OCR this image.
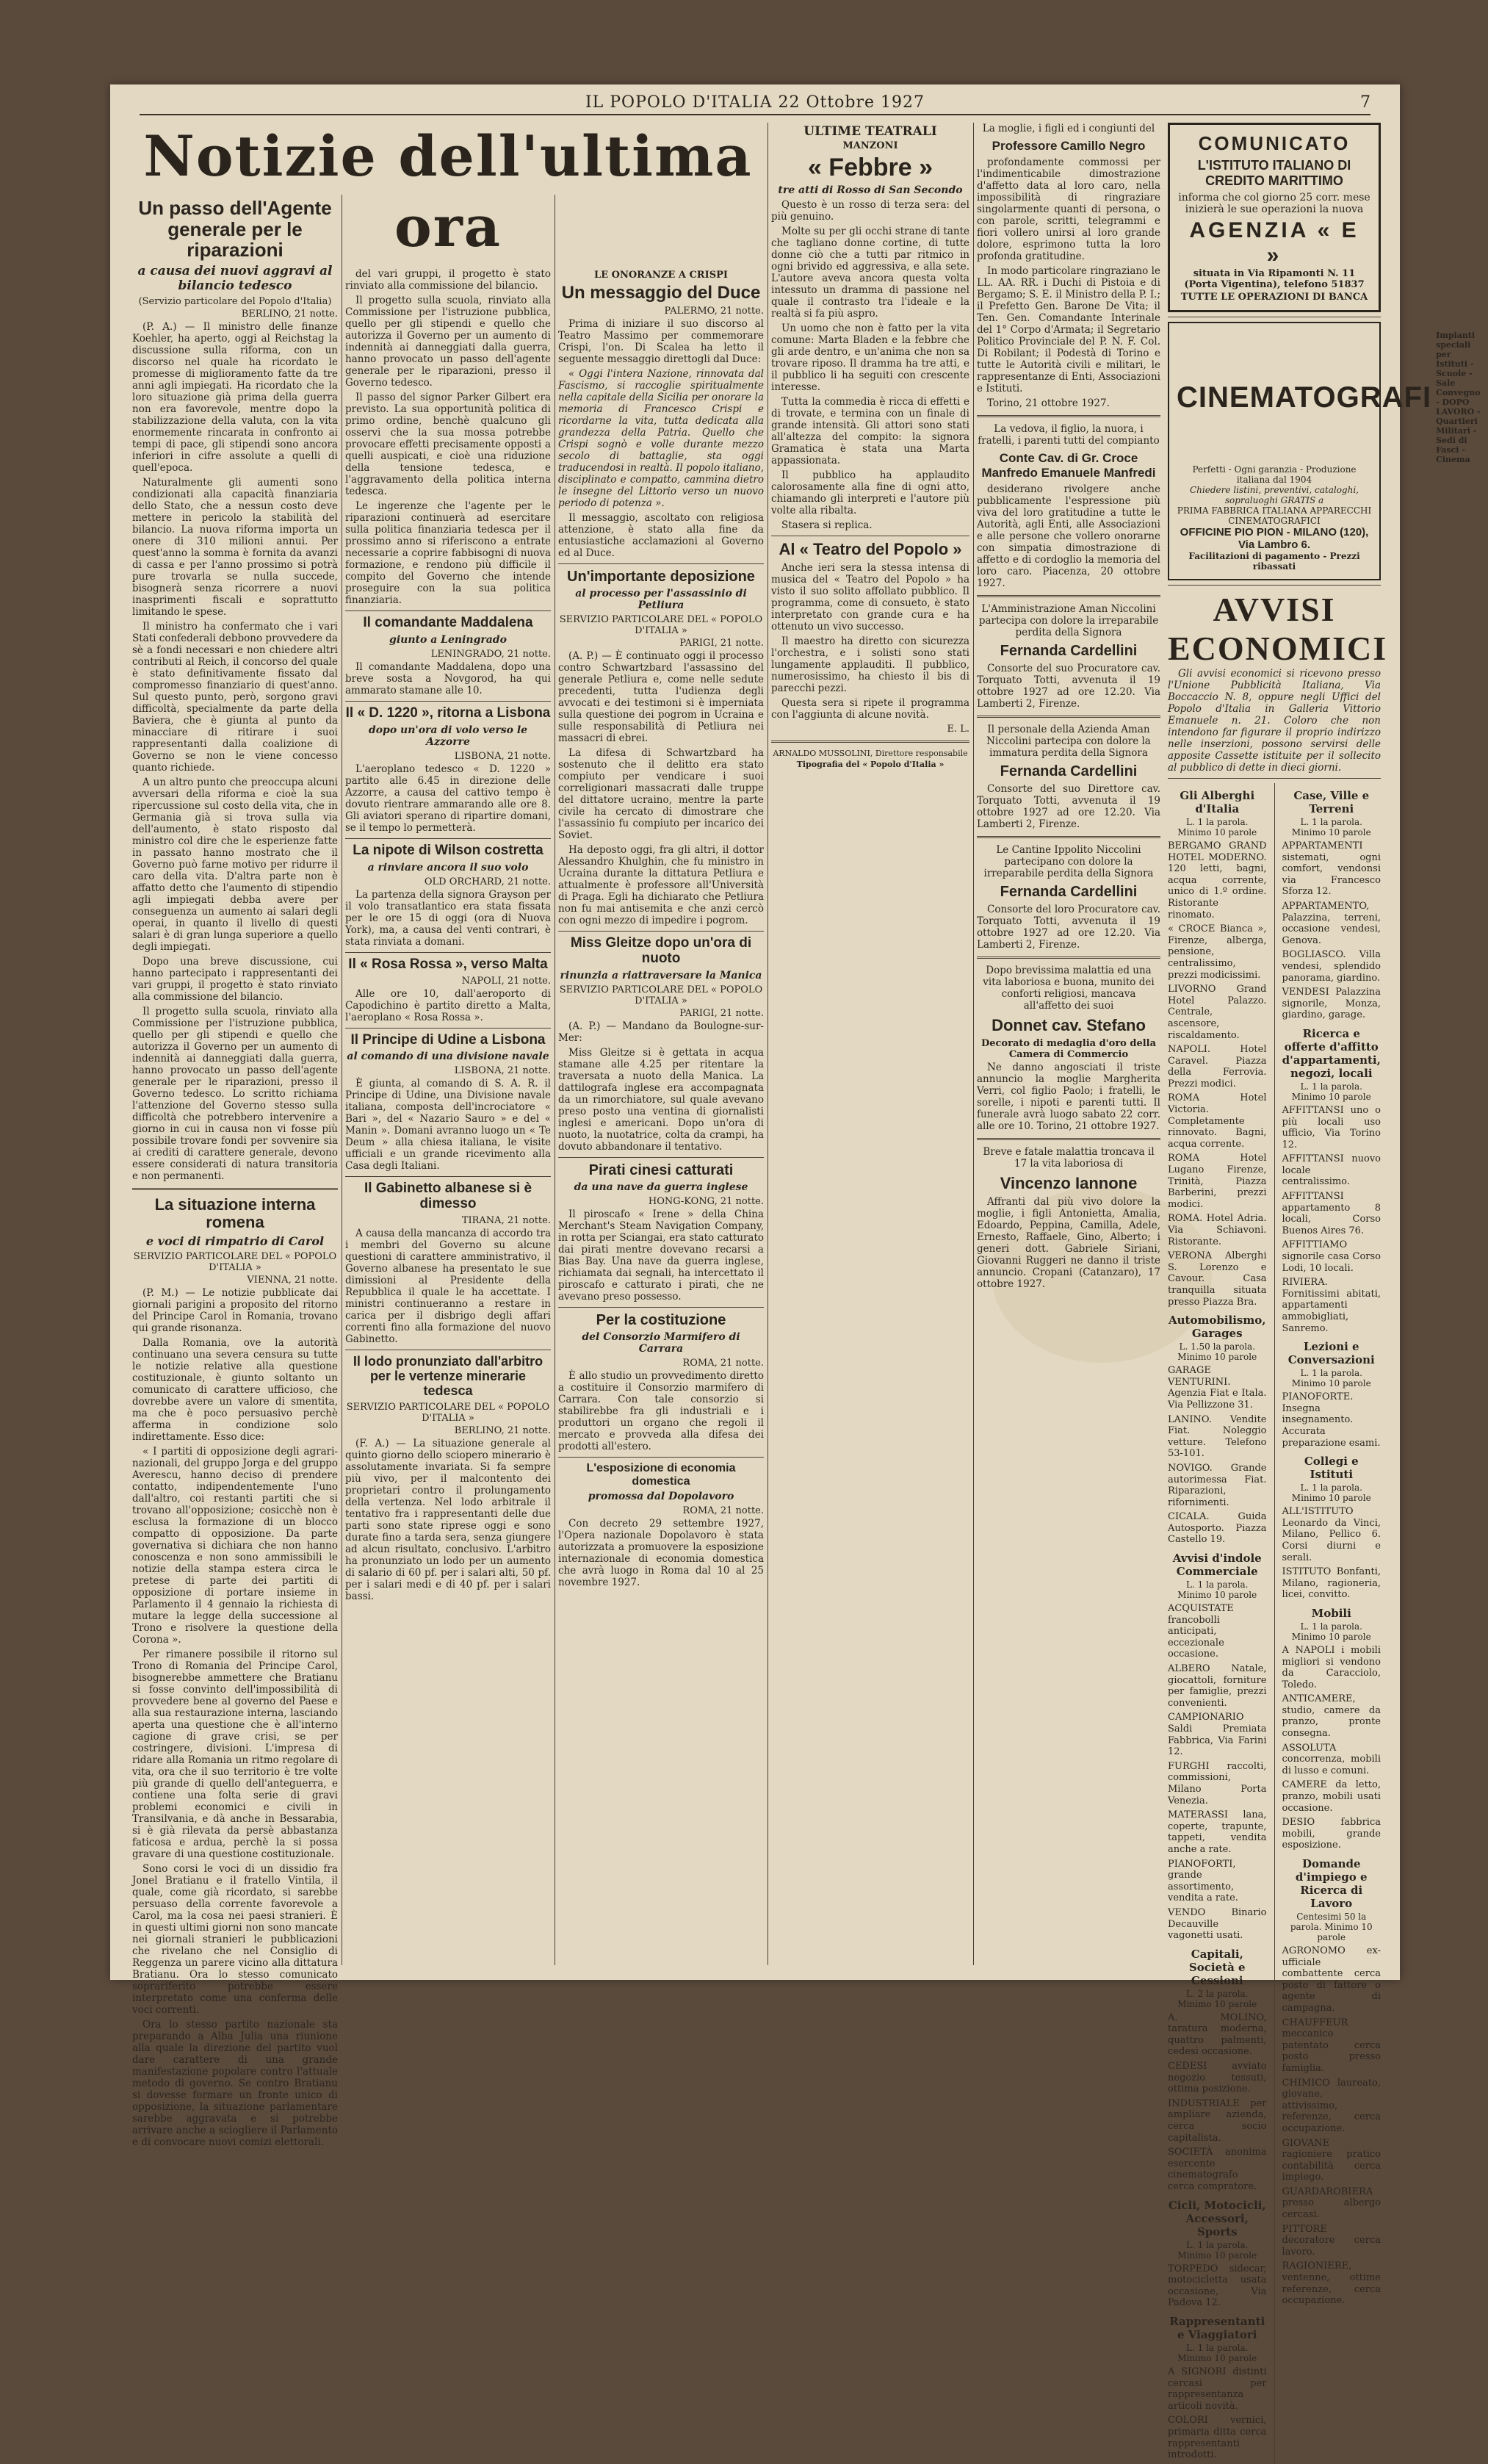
IL POPOLO D'ITALIA 22 Ottobre 1927	7
Notizie dell'ultima ora
Un passo dell'Agente generale per le riparazioni
a causa dei nuovi aggravi al bilancio tedesco
(Servizio particolare del Popolo d'Italia)
BERLINO, 21 notte.

(P. A.) — Il ministro delle finanze Koehler, ha aperto, oggi al Reichstag la discussione sulla riforma, con un discorso nel quale ha ricordato le promesse di miglioramento fatte da tre anni agli impiegati. Ha ricordato che la loro situazione già prima della guerra non era favorevole, mentre dopo la stabilizzazione della valuta, con la vita enormemente rincarata in confronto ai tempi di pace, gli stipendi sono ancora inferiori in cifre assolute a quelli di quell'epoca.

Naturalmente gli aumenti sono condizionati alla capacità finanziaria dello Stato, che a nessun costo deve mettere in pericolo la stabilità del bilancio. La nuova riforma importa un onere di 310 milioni annui. Per quest'anno la somma è fornita da avanzi di cassa e per l'anno prossimo si potrà pure trovarla se nulla succede, bisognerà senza ricorrere a nuovi inasprimenti fiscali e soprattutto limitando le spese.

Il ministro ha confermato che i vari Stati confederali debbono provvedere da sè a fondi necessari e non chiedere altri contributi al Reich, il concorso del quale è stato definitivamente fissato dal compromesso finanziario di quest'anno. Sul questo punto, però, sorgono gravi difficoltà, specialmente da parte della Baviera, che è giunta al punto da minacciare di ritirare i suoi rappresentanti dalla coalizione di Governo se non le viene concesso quanto richiede.

A un altro punto che preoccupa alcuni avversari della riforma e cioè la sua ripercussione sul costo della vita, che in Germania già si trova sulla via dell'aumento, è stato risposto dal ministro col dire che le esperienze fatte in passato hanno mostrato che il Governo può farne motivo per ridurre il caro della vita. D'altra parte non è affatto detto che l'aumento di stipendio agli impiegati debba avere per conseguenza un aumento ai salari degli operai, in quanto il livello di questi salari è di gran lunga superiore a quello degli impiegati.

Dopo una breve discussione, cui hanno partecipato i rappresentanti dei vari gruppi, il progetto è stato rinviato alla commissione del bilancio.

Il progetto sulla scuola, rinviato alla Commissione per l'istruzione pubblica, quello per gli stipendi e quello che autorizza il Governo per un aumento di indennità ai danneggiati dalla guerra, hanno provocato un passo dell'agente generale per le riparazioni, presso il Governo tedesco. Lo scritto richiama l'attenzione del Governo stesso sulla difficoltà che potrebbero intervenire a giorno in cui in causa non vi fosse più possibile trovare fondi per sovvenire sia ai crediti di carattere generale, devono essere considerati di natura transitoria e non permanenti.

La situazione interna romena
e voci di rimpatrio di Carol
SERVIZIO PARTICOLARE DEL « POPOLO D'ITALIA »
VIENNA, 21 notte.

(P. M.) — Le notizie pubblicate dai giornali parigini a proposito del ritorno del Principe Carol in Romania, trovano qui grande risonanza.

Dalla Romania, ove la autorità continuano una severa censura su tutte le notizie relative alla questione costituzionale, è giunto soltanto un comunicato di carattere ufficioso, che dovrebbe avere un valore di smentita, ma che è poco persuasivo perchè afferma in condizione solo indirettamente. Esso dice:

« I partiti di opposizione degli agrari-nazionali, del gruppo Jorga e del gruppo Averescu, hanno deciso di prendere contatto, indipendentemente l'uno dall'altro, coi restanti partiti che si trovano all'opposizione; cosicchè non è esclusa la formazione di un blocco compatto di opposizione. Da parte governativa si dichiara che non hanno conoscenza e non sono ammissibili le notizie della stampa estera circa le pretese di parte dei partiti di opposizione di portare insieme in Parlamento il 4 gennaio la richiesta di mutare la legge della successione al Trono e risolvere la questione della Corona ».

Per rimanere possibile il ritorno sul Trono di Romania del Principe Carol, bisognerebbe ammettere che Bratianu si fosse convinto dell'impossibilità di provvedere bene al governo del Paese e alla sua restaurazione interna, lasciando aperta una questione che è all'interno cagione di grave crisi, se per costringere, divisioni. L'impresa di ridare alla Romania un ritmo regolare di vita, ora che il suo territorio è tre volte più grande di quello dell'anteguerra, e contiene una folta serie di gravi problemi economici e civili in Transilvania, e dà anche in Bessarabia, si è già rilevata da persè abbastanza faticosa e ardua, perchè la si possa gravare di una questione costituzionale.

Sono corsi le voci di un dissidio fra Jonel Bratianu e il fratello Vintila, il quale, come già ricordato, si sarebbe persuaso della corrente favorevole a Carol, ma la cosa nei paesi stranieri. È in questi ultimi giorni non sono mancate nei giornali stranieri le pubblicazioni che rivelano che nel Consiglio di Reggenza un parere vicino alla dittatura Bratianu. Ora lo stesso comunicato soprariferito potrebbe essere interpretato come una conferma delle voci correnti.

Ora lo stesso partito nazionale sta preparando a Alba Julia una riunione alla quale la direzione del partito vuol dare carattere di una grande manifestazione popolare contro l'attuale metodo di governo. Se contro Bratianu si dovesse formare un fronte unico di opposizione, la situazione parlamentare sarebbe aggravata e si potrebbe arrivare anche a sciogliere il Parlamento e di convocare nuovi comizi elettorali.

del vari gruppi, il progetto è stato rinviato alla commissione del bilancio.

Il progetto sulla scuola, rinviato alla Commissione per l'istruzione pubblica, quello per gli stipendi e quello che autorizza il Governo per un aumento di indennità ai danneggiati dalla guerra, hanno provocato un passo dell'agente generale per le riparazioni, presso il Governo tedesco.

Il passo del signor Parker Gilbert era previsto. La sua opportunità politica di primo ordine, benchè qualcuno gli osservi che la sua mossa potrebbe provocare effetti precisamente opposti a quelli auspicati, e cioè una riduzione della tensione tedesca, e l'aggravamento della politica interna tedesca.

Le ingerenze che l'agente per le riparazioni continuerà ad esercitare sulla politica finanziaria tedesca per il prossimo anno si riferiscono a entrate necessarie a coprire fabbisogni di nuova formazione, e rendono più difficile il compito del Governo che intende proseguire con la sua politica finanziaria.

Il comandante Maddalena
giunto a Leningrado
LENINGRADO, 21 notte.

Il comandante Maddalena, dopo una breve sosta a Novgorod, ha qui ammarato stamane alle 10.

Il « D. 1220 », ritorna a Lisbona
dopo un'ora di volo verso le Azzorre
LISBONA, 21 notte.

L'aeroplano tedesco « D. 1220 » partito alle 6.45 in direzione delle Azzorre, a causa del cattivo tempo è dovuto rientrare ammarando alle ore 8. Gli aviatori sperano di ripartire domani, se il tempo lo permetterà.

La nipote di Wilson costretta
a rinviare ancora il suo volo
OLD ORCHARD, 21 notte.

La partenza della signora Grayson per il volo transatlantico era stata fissata per le ore 15 di oggi (ora di Nuova York), ma, a causa del venti contrari, è stata rinviata a domani.

Il « Rosa Rossa », verso Malta
NAPOLI, 21 notte.

Alle ore 10, dall'aeroporto di Capodichino è partito diretto a Malta, l'aeroplano « Rosa Rossa ».

Il Principe di Udine a Lisbona
al comando di una divisione navale
LISBONA, 21 notte.

È giunta, al comando di S. A. R. il Principe di Udine, una Divisione navale italiana, composta dell'incrociatore « Bari », del « Nazario Sauro » e del « Manin ». Domani avranno luogo un « Te Deum » alla chiesa italiana, le visite ufficiali e un grande ricevimento alla Casa degli Italiani.

Il Gabinetto albanese si è dimesso
TIRANA, 21 notte.

A causa della mancanza di accordo tra i membri del Governo su alcune questioni di carattere amministrativo, il Governo albanese ha presentato le sue dimissioni al Presidente della Repubblica il quale le ha accettate. I ministri continueranno a restare in carica per il disbrigo degli affari correnti fino alla formazione del nuovo Gabinetto.

Il lodo pronunziato dall'arbitro per le vertenze minerarie tedesca
SERVIZIO PARTICOLARE DEL « POPOLO D'ITALIA »
BERLINO, 21 notte.

(F. A.) — La situazione generale al quinto giorno dello sciopero minerario è assolutamente invariata. Si fa sempre più vivo, per il malcontento dei proprietari contro il prolungamento della vertenza. Nel lodo arbitrale il tentativo fra i rappresentanti delle due parti sono state riprese oggi e sono durate fino a tarda sera, senza giungere ad alcun risultato, conclusivo. L'arbitro ha pronunziato un lodo per un aumento di salario di 60 pf. per i salari alti, 50 pf. per i salari medi e di 40 pf. per i salari bassi.

LE ONORANZE A CRISPI
Un messaggio del Duce
PALERMO, 21 notte.

Prima di iniziare il suo discorso al Teatro Massimo per commemorare Crispi, l'on. Di Scalea ha letto il seguente messaggio direttogli dal Duce:

« Oggi l'intera Nazione, rinnovata dal Fascismo, si raccoglie spiritualmente nella capitale della Sicilia per onorare la memoria di Francesco Crispi e ricordarne la vita, tutta dedicata alla grandezza della Patria. Quello che Crispi sognò e volle durante mezzo secolo di battaglie, sta oggi traducendosi in realtà. Il popolo italiano, disciplinato e compatto, cammina dietro le insegne del Littorio verso un nuovo periodo di potenza ».

Il messaggio, ascoltato con religiosa attenzione, è stato alla fine da entusiastiche acclamazioni al Governo ed al Duce.

Un'importante deposizione
al processo per l'assassinio di Petliura
SERVIZIO PARTICOLARE DEL « POPOLO D'ITALIA »
PARIGI, 21 notte.

(A. P.) — È continuato oggi il processo contro Schwartzbard l'assassino del generale Petliura e, come nelle sedute precedenti, tutta l'udienza degli avvocati e dei testimoni si è imperniata sulla questione dei pogrom in Ucraina e sulle responsabilità di Petliura nei massacri di ebrei.

La difesa di Schwartzbard ha sostenuto che il delitto era stato compiuto per vendicare i suoi correligionari massacrati dalle truppe del dittatore ucraino, mentre la parte civile ha cercato di dimostrare che l'assassinio fu compiuto per incarico dei Soviet.

Ha deposto oggi, fra gli altri, il dottor Alessandro Khulghin, che fu ministro in Ucraina durante la dittatura Petliura e attualmente è professore all'Università di Praga. Egli ha dichiarato che Petliura non fu mai antisemita e che anzi cercò con ogni mezzo di impedire i pogrom.

Miss Gleitze dopo un'ora di nuoto
rinunzia a riattraversare la Manica
SERVIZIO PARTICOLARE DEL « POPOLO D'ITALIA »
PARIGI, 21 notte.

(A. P.) — Mandano da Boulogne-sur-Mer:

Miss Gleitze si è gettata in acqua stamane alle 4.25 per ritentare la traversata a nuoto della Manica. La dattilografa inglese era accompagnata da un rimorchiatore, sul quale avevano preso posto una ventina di giornalisti inglesi e americani. Dopo un'ora di nuoto, la nuotatrice, colta da crampi, ha dovuto abbandonare il tentativo.

Pirati cinesi catturati
da una nave da guerra inglese
HONG-KONG, 21 notte.

Il piroscafo « Irene » della China Merchant's Steam Navigation Company, in rotta per Sciangai, era stato catturato dai pirati mentre dovevano recarsi a Bias Bay. Una nave da guerra inglese, richiamata dai segnali, ha intercettato il piroscafo e catturato i pirati, che ne avevano preso possesso.

Per la costituzione
del Consorzio Marmifero di Carrara
ROMA, 21 notte.

È allo studio un provvedimento diretto a costituire il Consorzio marmifero di Carrara. Con tale consorzio si stabilirebbe fra gli industriali e i produttori un organo che regoli il mercato e provveda alla difesa dei prodotti all'estero.

L'esposizione di economia domestica
promossa dal Dopolavoro
ROMA, 21 notte.

Con decreto 29 settembre 1927, l'Opera nazionale Dopolavoro è stata autorizzata a promuovere la esposizione internazionale di economia domestica che avrà luogo in Roma dal 10 al 25 novembre 1927.

ULTIME TEATRALI
MANZONI
« Febbre »
tre atti di Rosso di San Secondo

Questo è un rosso di terza sera: del più genuino.

Molte su per gli occhi strane di tante che tagliano donne cortine, di tutte donne ciò che a tutti par ritmico in ogni brivido ed aggressiva, e alla sete. L'autore aveva ancora questa volta intessuto un dramma di passione nel quale il contrasto tra l'ideale e la realtà si fa più aspro.

Un uomo che non è fatto per la vita comune: Marta Bladen e la febbre che gli arde dentro, e un'anima che non sa trovare riposo. Il dramma ha tre atti, e il pubblico li ha seguiti con crescente interesse.

Tutta la commedia è ricca di effetti e di trovate, e termina con un finale di grande intensità. Gli attori sono stati all'altezza del compito: la signora Gramatica è stata una Marta appassionata.

Il pubblico ha applaudito calorosamente alla fine di ogni atto, chiamando gli interpreti e l'autore più volte alla ribalta.

Stasera si replica.

Al « Teatro del Popolo »

Anche ieri sera la stessa intensa di musica del « Teatro del Popolo » ha visto il suo solito affollato pubblico. Il programma, come di consueto, è stato interpretato con grande cura e ha ottenuto un vivo successo.

Il maestro ha diretto con sicurezza l'orchestra, e i solisti sono stati lungamente applauditi. Il pubblico, numerosissimo, ha chiesto il bis di parecchi pezzi.

Questa sera si ripete il programma con l'aggiunta di alcune novità.

E. L.
ARNALDO MUSSOLINI, Direttore responsabile
Tipografia del « Popolo d'Italia »
COMUNICATO
L'ISTITUTO ITALIANO DI CREDITO MARITTIMO
informa che col giorno 25 corr. mese inizierà le sue operazioni la nuova
AGENZIA « E »
situata in Via Ripamonti N. 11 (Porta Vigentina), telefono 51837
TUTTE LE OPERAZIONI DI BANCA
CINEMATOGRAFI
Impianti speciali per Istituti - Scuole - Sale Convegno - DOPO LAVORO - Quartieri Militari - Sedi di Fasci - Cinema
Perfetti - Ogni garanzia - Produzione italiana dal 1904
Chiedere listini, preventivi, cataloghi, sopraluoghi GRATIS a
PRIMA FABBRICA ITALIANA APPARECCHI CINEMATOGRAFICI
OFFICINE PIO PION - MILANO (120), Via Lambro 6.
Facilitazioni di pagamento - Prezzi ribassati
AVVISI ECONOMICI

Gli avvisi economici si ricevono presso l'Unione Pubblicità Italiana, Via Boccaccio N. 8, oppure negli Uffici del Popolo d'Italia in Galleria Vittorio Emanuele n. 21. Coloro che non intendono far figurare il proprio indirizzo nelle inserzioni, possono servirsi delle apposite Cassette istituite per il sollecito al pubblico di dette in dieci giorni.

Gli Alberghi d'Italia
L. 1 la parola. Minimo 10 parole
BERGAMO GRAND HOTEL MODERNO. 120 letti, bagni, acqua corrente, unico di 1.º ordine. Ristorante rinomato.
« CROCE Bianca », Firenze, alberga, pensione, centralissimo, prezzi modicissimi.
LIVORNO Grand Hotel Palazzo. Centrale, ascensore, riscaldamento.
NAPOLI. Hotel Caravel. Piazza della Ferrovia. Prezzi modici.
ROMA Hotel Victoria. Completamente rinnovato. Bagni, acqua corrente.
ROMA Hotel Lugano Firenze, Trinità, Piazza Barberini, prezzi modici.
ROMA. Hotel Adria. Via Schiavoni. Ristorante.
VERONA Alberghi S. Lorenzo e Cavour. Casa tranquilla situata presso Piazza Bra.
Automobilismo, Garages
L. 1.50 la parola. Minimo 10 parole
GARAGE VENTURINI. Agenzia Fiat e Itala. Via Pellizzone 31.
LANINO. Vendite Fiat. Noleggio vetture. Telefono 53-101.
NOVIGO. Grande autorimessa Fiat. Riparazioni, rifornimenti.
CICALA. Guida Autosporto. Piazza Castello 19.
Avvisi d'indole Commerciale
L. 1 la parola. Minimo 10 parole
ACQUISTATE francobolli anticipati, eccezionale occasione.
ALBERO Natale, giocattoli, forniture per famiglie, prezzi convenienti.
CAMPIONARIO Saldi Premiata Fabbrica, Via Farini 12.
FURGHI raccolti, commissioni, Milano Porta Venezia.
MATERASSI lana, coperte, trapunte, tappeti, vendita anche a rate.
PIANOFORTI, grande assortimento, vendita a rate.
VENDO Binario Decauville vagonetti usati.
Capitali, Società e Cessioni
L. 2 la parola. Minimo 10 parole
A. MOLINO, taratura moderna, quattro palmenti, cedesi occasione.
CEDESI avviato negozio tessuti, ottima posizione.
INDUSTRIALE per ampliare azienda, cerca socio capitalista.
SOCIETÀ anonima esercente cinematografo cerca compratore.
Cicli, Motocicli, Accessori, Sports
L. 1 la parola. Minimo 10 parole
TORPEDO sidecar, motocicletta usata occasione, Via Padova 12.
Rappresentanti e Viaggiatori
L. 1 la parola. Minimo 10 parole
A SIGNORI distinti cercasi per rappresentanza articoli novità.
COLORI vernici, primaria ditta cerca rappresentanti introdotti.
Case, Ville e Terreni
L. 1 la parola. Minimo 10 parole
APPARTAMENTI sistemati, ogni comfort, vendonsi via Francesco Sforza 12.
APPARTAMENTO, Palazzina, terreni, occasione vendesi, Genova.
BOGLIASCO. Villa vendesi, splendido panorama, giardino.
VENDESI Palazzina signorile, Monza, giardino, garage.
Ricerca e offerte d'affitto d'appartamenti, negozi, locali
L. 1 la parola. Minimo 10 parole
AFFITTANSI uno o più locali uso ufficio, Via Torino 12.
AFFITTANSI nuovo locale centralissimo.
AFFITTANSI appartamento 8 locali, Corso Buenos Aires 76.
AFFITTIAMO signorile casa Corso Lodi, 10 locali.
RIVIERA. Fornitissimi abitati, appartamenti ammobigliati, Sanremo.
Lezioni e Conversazioni
L. 1 la parola. Minimo 10 parole
PIANOFORTE. Insegna insegnamento. Accurata preparazione esami.
Collegi e Istituti
L. 1 la parola. Minimo 10 parole
ALL'ISTITUTO Leonardo da Vinci, Milano, Pellico 6. Corsi diurni e serali.
ISTITUTO Bonfanti, Milano, ragioneria, licei, convitto.
Mobili
L. 1 la parola. Minimo 10 parole
A NAPOLI i mobili migliori si vendono da Caracciolo, Toledo.
ANTICAMERE, studio, camere da pranzo, pronte consegna.
ASSOLUTA concorrenza, mobili di lusso e comuni.
CAMERE da letto, pranzo, mobili usati occasione.
DESIO fabbrica mobili, grande esposizione.
Domande d'impiego e Ricerca di Lavoro
Centesimi 50 la parola. Minimo 10 parole
AGRONOMO ex-ufficiale combattente cerca posto di fattore o agente di campagna.
CHAUFFEUR meccanico patentato cerca posto presso famiglia.
CHIMICO laureato, giovane, attivissimo, referenze, cerca occupazione.
GIOVANE ragioniere pratico contabilità cerca impiego.
GUARDAROBIERA presso albergo cercasi.
PITTORE decoratore cerca lavoro.
RAGIONIERE, ventenne, ottime referenze, cerca occupazione.

La moglie, i figli ed i congiunti del

Professore Camillo Negro

profondamente commossi per l'indimenticabile dimostrazione d'affetto data al loro caro, nella impossibilità di ringraziare singolarmente quanti di persona, o con parole, scritti, telegrammi e fiori vollero unirsi al loro grande dolore, esprimono tutta la loro profonda gratitudine.

In modo particolare ringraziano le LL. AA. RR. i Duchi di Pistoia e di Bergamo; S. E. il Ministro della P. I.; il Prefetto Gen. Barone De Vita; il Ten. Gen. Comandante Interinale del 1° Corpo d'Armata; il Segretario Politico Provinciale del P. N. F. Col. Di Robilant; il Podestà di Torino e tutte le Autorità civili e militari, le rappresentanze di Enti, Associazioni e Istituti.

Torino, 21 ottobre 1927.

La vedova, il figlio, la nuora, i fratelli, i parenti tutti del compianto

Conte Cav. di Gr. Croce Manfredo Emanuele Manfredi

desiderano rivolgere anche pubblicamente l'espressione più viva del loro gratitudine a tutte le Autorità, agli Enti, alle Associazioni e alle persone che vollero onorarne con simpatia dimostrazione di affetto e di cordoglio la memoria del loro caro. Piacenza, 20 ottobre 1927.

L'Amministrazione Aman Niccolini partecipa con dolore la irreparabile perdita della Signora

Fernanda Cardellini

Consorte del suo Procuratore cav. Torquato Totti, avvenuta il 19 ottobre 1927 ad ore 12.20. Via Lamberti 2, Firenze.

Il personale della Azienda Aman Niccolini partecipa con dolore la immatura perdita della Signora

Fernanda Cardellini

Consorte del suo Direttore cav. Torquato Totti, avvenuta il 19 ottobre 1927 ad ore 12.20. Via Lamberti 2, Firenze.

Le Cantine Ippolito Niccolini partecipano con dolore la irreparabile perdita della Signora

Fernanda Cardellini

Consorte del loro Procuratore cav. Torquato Totti, avvenuta il 19 ottobre 1927 ad ore 12.20. Via Lamberti 2, Firenze.

Dopo brevissima malattia ed una vita laboriosa e buona, munito dei conforti religiosi, mancava all'affetto dei suoi

Donnet cav. Stefano
Decorato di medaglia d'oro della Camera di Commercio

Ne danno angosciati il triste annuncio la moglie Margherita Verri, col figlio Paolo; i fratelli, le sorelle, i nipoti e parenti tutti. Il funerale avrà luogo sabato 22 corr. alle ore 10. Torino, 21 ottobre 1927.

Breve e fatale malattia troncava il 17 la vita laboriosa di

Vincenzo Iannone

Affranti dal più vivo dolore la moglie, i figli Antonietta, Amalia, Edoardo, Peppina, Camilla, Adele, Ernesto, Raffaele, Gino, Alberto; i generi dott. Gabriele Siriani, Giovanni Ruggeri ne danno il triste annuncio. Cropani (Catanzaro), 17 ottobre 1927.
